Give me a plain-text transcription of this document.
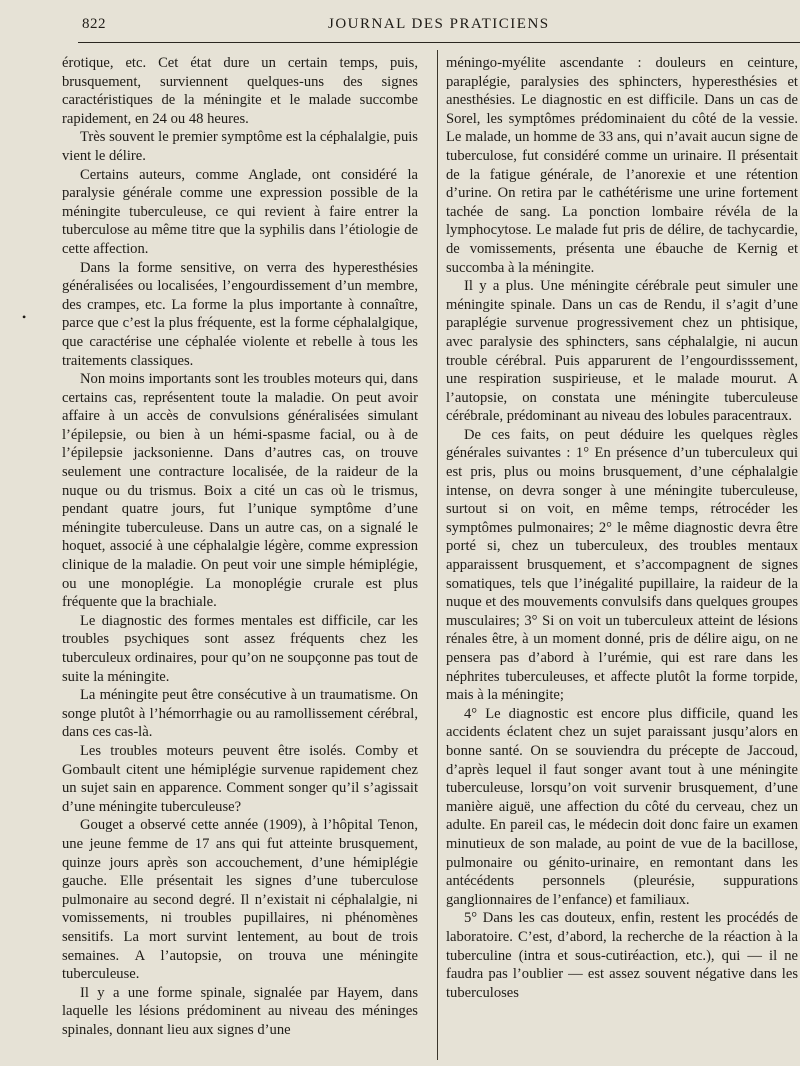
822	JOURNAL DES PRATICIENS
•

érotique, etc. Cet état dure un certain temps, puis, brusquement, surviennent quelques-uns des signes caractéristiques de la méningite et le malade succombe rapidement, en 24 ou 48 heures.

Très souvent le premier symptôme est la céphalalgie, puis vient le délire.

Certains auteurs, comme Anglade, ont considéré la paralysie générale comme une expression possible de la méningite tuberculeuse, ce qui revient à faire entrer la tuberculose au même titre que la syphilis dans l’étiologie de cette affection.

Dans la forme sensitive, on verra des hyperesthésies généralisées ou localisées, l’engourdissement d’un membre, des crampes, etc. La forme la plus importante à connaître, parce que c’est la plus fréquente, est la forme céphalalgique, que caractérise une céphalée violente et rebelle à tous les traitements classiques.

Non moins importants sont les troubles moteurs qui, dans certains cas, représentent toute la maladie. On peut avoir affaire à un accès de convulsions généralisées simulant l’épilepsie, ou bien à un hémi-spasme facial, ou à de l’épilepsie jacksonienne. Dans d’autres cas, on trouve seulement une contracture localisée, de la raideur de la nuque ou du trismus. Boix a cité un cas où le trismus, pendant quatre jours, fut l’unique symptôme d’une méningite tuberculeuse. Dans un autre cas, on a signalé le hoquet, associé à une céphalalgie légère, comme expression clinique de la maladie. On peut voir une simple hémiplégie, ou une monoplégie. La monoplégie crurale est plus fréquente que la brachiale.

Le diagnostic des formes mentales est difficile, car les troubles psychiques sont assez fréquents chez les tuberculeux ordinaires, pour qu’on ne soupçonne pas tout de suite la méningite.

La méningite peut être consécutive à un traumatisme. On songe plutôt à l’hémorrhagie ou au ramollissement cérébral, dans ces cas-là.

Les troubles moteurs peuvent être isolés. Comby et Gombault citent une hémiplégie survenue rapidement chez un sujet sain en apparence. Comment songer qu’il s’agissait d’une méningite tuberculeuse?

Gouget a observé cette année (1909), à l’hôpital Tenon, une jeune femme de 17 ans qui fut atteinte brusquement, quinze jours après son accouchement, d’une hémiplégie gauche. Elle présentait les signes d’une tuberculose pulmonaire au second degré. Il n’existait ni céphalalgie, ni vomissements, ni troubles pupillaires, ni phénomènes sensitifs. La mort survint lentement, au bout de trois semaines. A l’autopsie, on trouva une méningite tuberculeuse.

Il y a une forme spinale, signalée par Hayem, dans laquelle les lésions prédominent au niveau des méninges spinales, donnant lieu aux signes d’une

méningo-myélite ascendante : douleurs en ceinture, paraplégie, paralysies des sphincters, hyperesthésies et anesthésies. Le diagnostic en est difficile. Dans un cas de Sorel, les symptômes prédominaient du côté de la vessie. Le malade, un homme de 33 ans, qui n’avait aucun signe de tuberculose, fut considéré comme un urinaire. Il présentait de la fatigue générale, de l’anorexie et une rétention d’urine. On retira par le cathétérisme une urine fortement tachée de sang. La ponction lombaire révéla de la lymphocytose. Le malade fut pris de délire, de tachycardie, de vomissements, présenta une ébauche de Kernig et succomba à la méningite.

Il y a plus. Une méningite cérébrale peut simuler une méningite spinale. Dans un cas de Rendu, il s’agit d’une paraplégie survenue progressivement chez un phtisique, avec paralysie des sphincters, sans céphalalgie, ni aucun trouble cérébral. Puis apparurent de l’engourdisssement, une respiration suspirieuse, et le malade mourut. A l’autopsie, on constata une méningite tuberculeuse cérébrale, prédominant au niveau des lobules paracentraux.

De ces faits, on peut déduire les quelques règles générales suivantes : 1° En présence d’un tuberculeux qui est pris, plus ou moins brusquement, d’une céphalalgie intense, on devra songer à une méningite tuberculeuse, surtout si on voit, en même temps, rétrocéder les symptômes pulmonaires; 2° le même diagnostic devra être porté si, chez un tuberculeux, des troubles mentaux apparaissent brusquement, et s’accompagnent de signes somatiques, tels que l’inégalité pupillaire, la raideur de la nuque et des mouvements convulsifs dans quelques groupes musculaires; 3° Si on voit un tuberculeux atteint de lésions rénales être, à un moment donné, pris de délire aigu, on ne pensera pas d’abord à l’urémie, qui est rare dans les néphrites tuberculeuses, et affecte plutôt la forme torpide, mais à la méningite;

4° Le diagnostic est encore plus difficile, quand les accidents éclatent chez un sujet paraissant jusqu’alors en bonne santé. On se souviendra du précepte de Jaccoud, d’après lequel il faut songer avant tout à une méningite tuberculeuse, lorsqu’on voit survenir brusquement, d’une manière aiguë, une affection du côté du cerveau, chez un adulte. En pareil cas, le médecin doit donc faire un examen minutieux de son malade, au point de vue de la bacillose, pulmonaire ou génito-urinaire, en remontant dans les antécédents personnels (pleurésie, suppurations ganglionnaires de l’enfance) et familiaux.

5° Dans les cas douteux, enfin, restent les procédés de laboratoire. C’est, d’abord, la recherche de la réaction à la tuberculine (intra et sous-cutiréaction, etc.), qui — il ne faudra pas l’oublier — est assez souvent négative dans les tuberculoses
